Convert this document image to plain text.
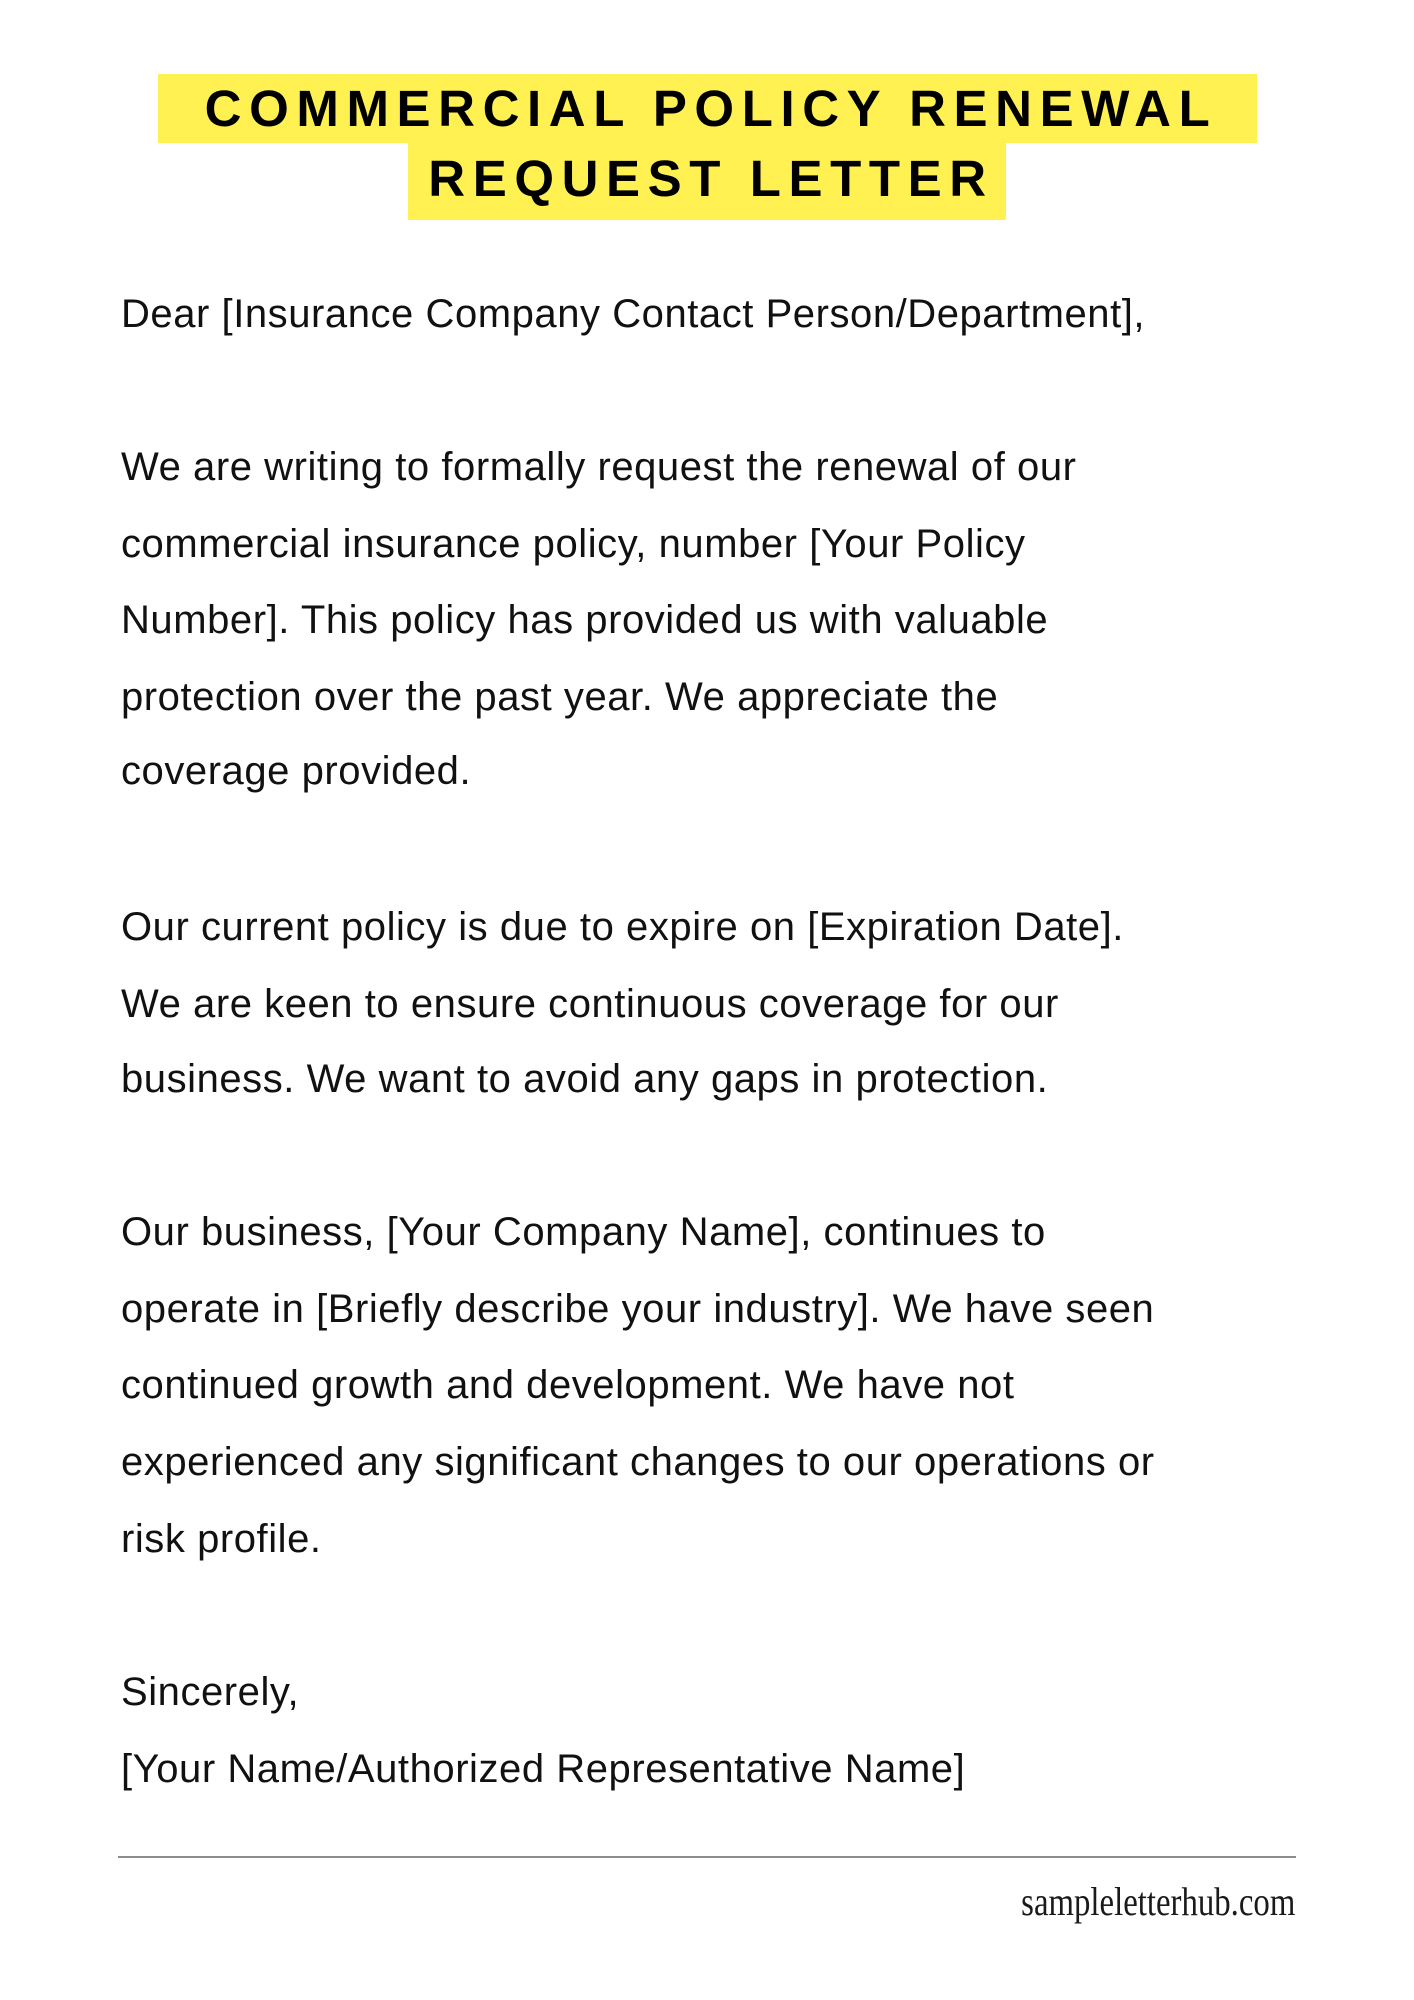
COMMERCIAL POLICY RENEWAL
REQUEST LETTER
Dear [Insurance Company Contact Person/Department],
We are writing to formally request the renewal of our
commercial insurance policy, number [Your Policy
Number]. This policy has provided us with valuable
protection over the past year. We appreciate the
coverage provided.
Our current policy is due to expire on [Expiration Date].
We are keen to ensure continuous coverage for our
business. We want to avoid any gaps in protection.
Our business, [Your Company Name], continues to
operate in [Briefly describe your industry]. We have seen
continued growth and development. We have not
experienced any significant changes to our operations or
risk profile.
Sincerely,
[Your Name/Authorized Representative Name]
sampleletterhub.com
